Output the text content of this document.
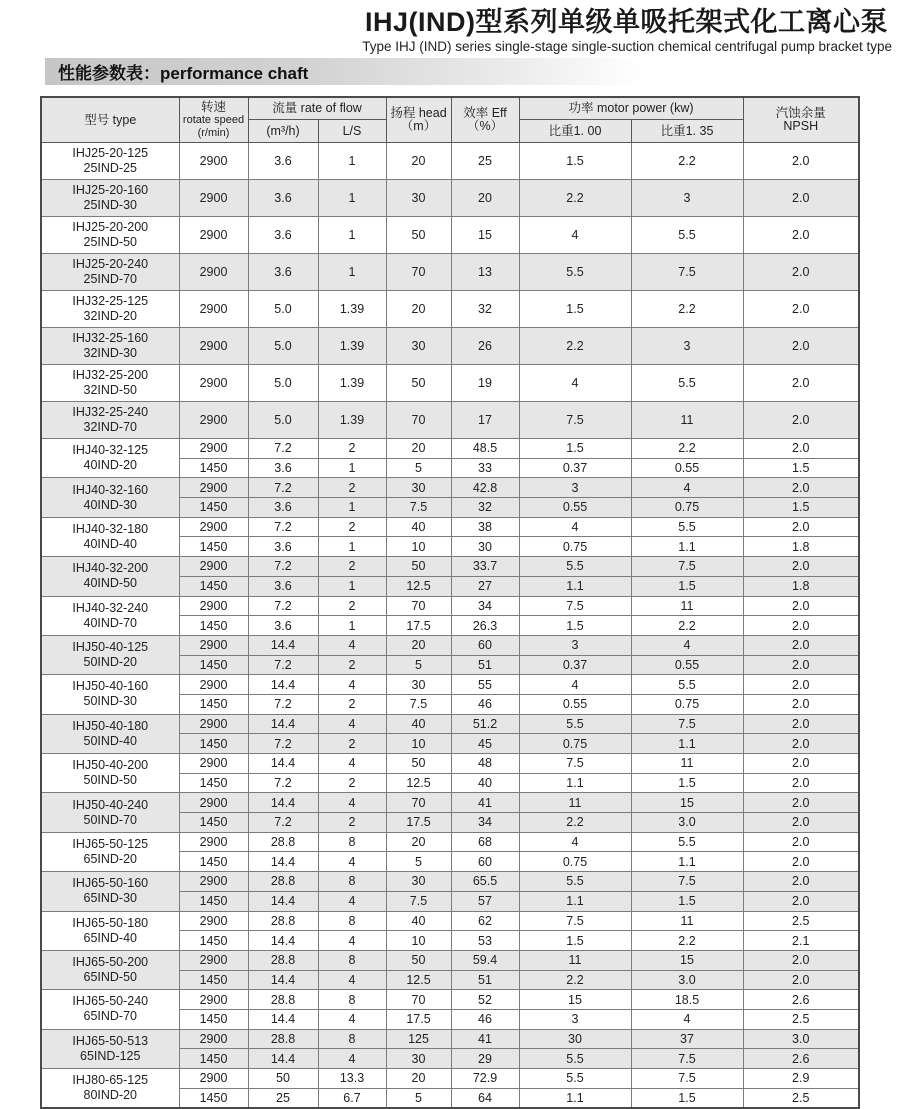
IHJ(IND)型系列单级单吸托架式化工离心泵
Type IHJ (IND) series single-stage single-suction chemical centrifugal pump bracket type
性能参数表：performance chaft
型号 type	
转速
rotate speed
(r/min)
	流量 rate of flow	扬程 head
（m）

效率 Eff
（%）
	功率 motor power (kw)	汽蚀余量
NPSH

		(m³/h)	L/S			比重1. 00	比重1. 35	

IHJ25-20-125
25IND-25	2900	3.6	1	20	25	1.5	2.2	2.0

IHJ25-20-160
25IND-30	2900	3.6	1	30	20	2.2	3	2.0

IHJ25-20-200
25IND-50	2900	3.6	1	50	15	4	5.5	2.0

IHJ25-20-240
25IND-70	2900	3.6	1	70	13	5.5	7.5	2.0

IHJ32-25-125
32IND-20	2900	5.0	1.39	20	32	1.5	2.2	2.0

IHJ32-25-160
32IND-30	2900	5.0	1.39	30	26	2.2	3	2.0

IHJ32-25-200
32IND-50	2900	5.0	1.39	50	19	4	5.5	2.0

IHJ32-25-240
32IND-70	2900	5.0	1.39	70	17	7.5	11	2.0

IHJ40-32-125
40IND-20	2900	7.2	2	20	48.5	1.5	2.2	2.0
	1450	3.6	1	5	33	0.37	0.55	1.5

IHJ40-32-160
40IND-30	2900	7.2	2	30	42.8	3	4	2.0
	1450	3.6	1	7.5	32	0.55	0.75	1.5

IHJ40-32-180
40IND-40	2900	7.2	2	40	38	4	5.5	2.0
	1450	3.6	1	10	30	0.75	1.1	1.8

IHJ40-32-200
40IND-50	2900	7.2	2	50	33.7	5.5	7.5	2.0
	1450	3.6	1	12.5	27	1.1	1.5	1.8

IHJ40-32-240
40IND-70	2900	7.2	2	70	34	7.5	11	2.0
	1450	3.6	1	17.5	26.3	1.5	2.2	2.0

IHJ50-40-125
50IND-20	2900	14.4	4	20	60	3	4	2.0
	1450	7.2	2	5	51	0.37	0.55	2.0

IHJ50-40-160
50IND-30	2900	14.4	4	30	55	4	5.5	2.0
	1450	7.2	2	7.5	46	0.55	0.75	2.0

IHJ50-40-180
50IND-40	2900	14.4	4	40	51.2	5.5	7.5	2.0
	1450	7.2	2	10	45	0.75	1.1	2.0

IHJ50-40-200
50IND-50	2900	14.4	4	50	48	7.5	11	2.0
	1450	7.2	2	12.5	40	1.1	1.5	2.0

IHJ50-40-240
50IND-70	2900	14.4	4	70	41	11	15	2.0
	1450	7.2	2	17.5	34	2.2	3.0	2.0

IHJ65-50-125
65IND-20	2900	28.8	8	20	68	4	5.5	2.0
	1450	14.4	4	5	60	0.75	1.1	2.0

IHJ65-50-160
65IND-30	2900	28.8	8	30	65.5	5.5	7.5	2.0
	1450	14.4	4	7.5	57	1.1	1.5	2.0

IHJ65-50-180
65IND-40	2900	28.8	8	40	62	7.5	11	2.5
	1450	14.4	4	10	53	1.5	2.2	2.1

IHJ65-50-200
65IND-50	2900	28.8	8	50	59.4	11	15	2.0
	1450	14.4	4	12.5	51	2.2	3.0	2.0

IHJ65-50-240
65IND-70	2900	28.8	8	70	52	15	18.5	2.6
	1450	14.4	4	17.5	46	3	4	2.5

IHJ65-50-513
65IND-125	2900	28.8	8	125	41	30	37	3.0
	1450	14.4	4	30	29	5.5	7.5	2.6

IHJ80-65-125
80IND-20	2900	50	13.3	20	72.9	5.5	7.5	2.9
	1450	25	6.7	5	64	1.1	1.5	2.5
